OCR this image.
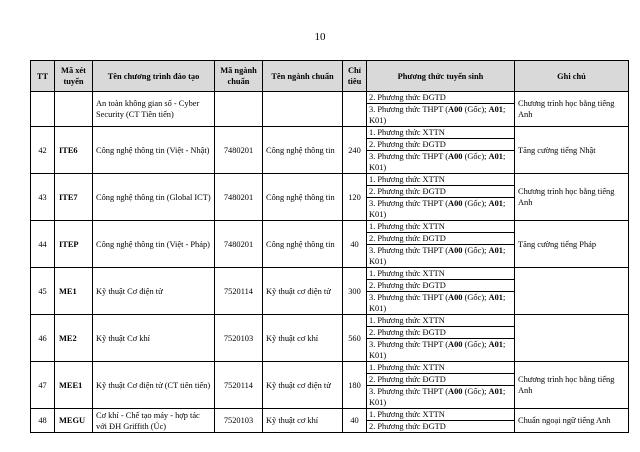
10
TT	Mã xét tuyển	Tên chương trình đào tạo	Mã ngành chuẩn	Tên ngành chuẩn	Chỉ tiêu	Phương thức tuyển sinh	Ghi chú
		An toàn không gian số - Cyber Security (CT Tiên tiến)				2. Phương thức ĐGTD	Chương trình học bằng tiếng Anh
						3. Phương thức THPT (A00 (Gốc); A01;
K01)	
42	ITE6	Công nghệ thông tin (Việt - Nhật)	7480201	Công nghệ thông tin	240	1. Phương thức XTTN	Tăng cường tiếng Nhật
						2. Phương thức ĐGTD	
						3. Phương thức THPT (A00 (Gốc); A01;
K01)	
43	ITE7	Công nghệ thông tin (Global ICT)	7480201	Công nghệ thông tin	120	1. Phương thức XTTN	Chương trình học bằng tiếng Anh
						2. Phương thức ĐGTD	
						3. Phương thức THPT (A00 (Gốc); A01;
K01)	
44	ITEP	Công nghệ thông tin (Việt - Pháp)	7480201	Công nghệ thông tin	40	1. Phương thức XTTN	Tăng cường tiếng Pháp
						2. Phương thức ĐGTD	
						3. Phương thức THPT (A00 (Gốc); A01;
K01)	
45	ME1	Kỹ thuật Cơ điện tử	7520114	Kỹ thuật cơ điện tử	300	1. Phương thức XTTN	
						2. Phương thức ĐGTD	
						3. Phương thức THPT (A00 (Gốc); A01;
K01)	
46	ME2	Kỹ thuật Cơ khí	7520103	Kỹ thuật cơ khí	560	1. Phương thức XTTN	
						2. Phương thức ĐGTD	
						3. Phương thức THPT (A00 (Gốc); A01;
K01)	
47	MEE1	Kỹ thuật Cơ điện tử (CT tiên tiến)	7520114	Kỹ thuật cơ điện tử	180	1. Phương thức XTTN	Chương trình học bằng tiếng Anh
						2. Phương thức ĐGTD	
						3. Phương thức THPT (A00 (Gốc); A01;
K01)	
48	MEGU	Cơ khí - Chế tạo máy - hợp tác với ĐH Griffith (Úc)	7520103	Kỹ thuật cơ khí	40	1. Phương thức XTTN	Chuẩn ngoại ngữ tiếng Anh
						2. Phương thức ĐGTD	
